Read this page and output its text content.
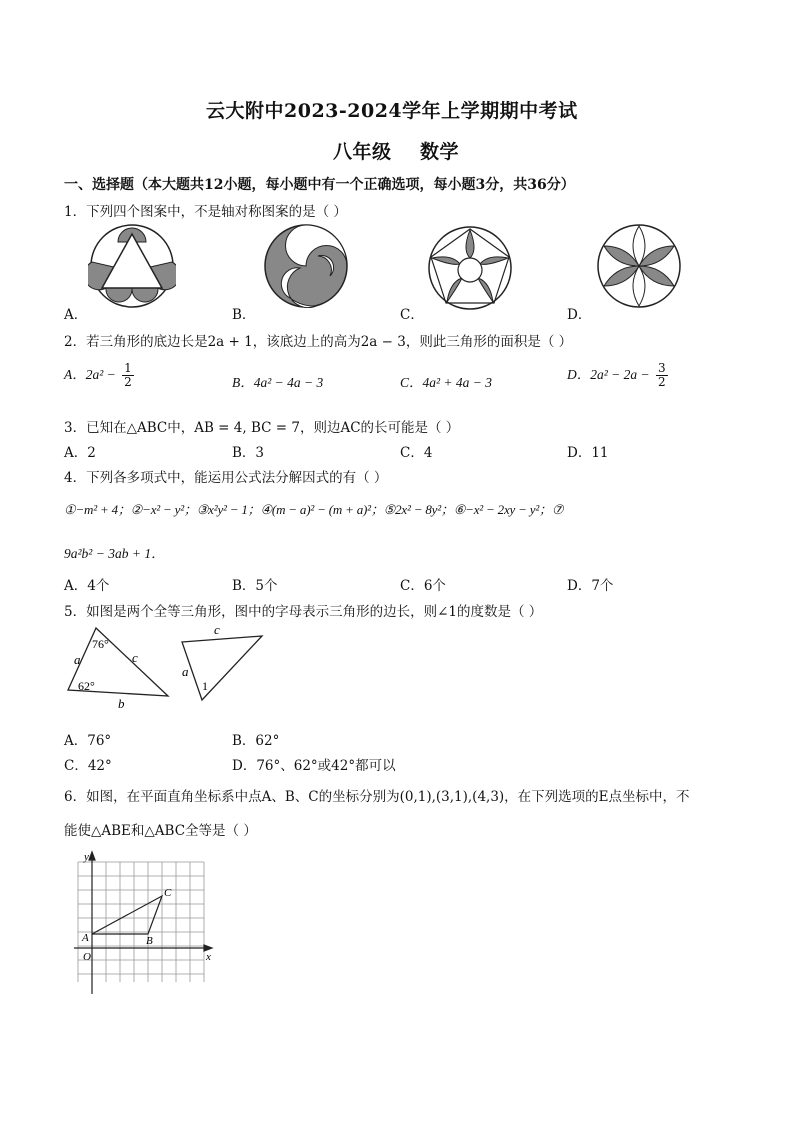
云大附中2023-2024学年上学期期中考试
八年级    数学
一、选择题（本大题共12小题，每小题中有一个正确选项，每小题3分，共36分）
1．下列四个图案中，不是轴对称图案的是（ ）
A．	B．	C．	D．
2．若三角形的底边长是2a + 1，该底边上的高为2a − 3，则此三角形的面积是（ ）
A．$2a^2 - \frac{1}{2}$	B．4a² − 4a − 3	C．4a² + 4a − 3
D．$2a^2 - 2a - \frac{3}{2}$
3．已知在△ABC中，AB = 4, BC = 7，则边AC的长可能是（ ）
A．2	B．3	C．4	D．11
4．下列各多项式中，能运用公式法分解因式的有（ ）
①−m² + 4；②−x² − y²；③x²y² − 1；④(m − a)² − (m + a)²；⑤2x² − 8y²；⑥−x² − 2xy − y²；⑦
9a²b² − 3ab + 1．
A．4个	B．5个	C．6个	D．7个
5．如图是两个全等三角形，图中的字母表示三角形的边长，则∠1的度数是（ ）
a	c
b
76°
62°
c
a
1
A．76°	B．62°
C．42°	D．76°、62°或42°都可以
6．如图，在平面直角坐标系中点A、B、C的坐标分别为(0,1),(3,1),(4,3)，在下列选项的E点坐标中，不
能使△ABE和△ABC全等是（ ）
y
x
O
A	B
C
